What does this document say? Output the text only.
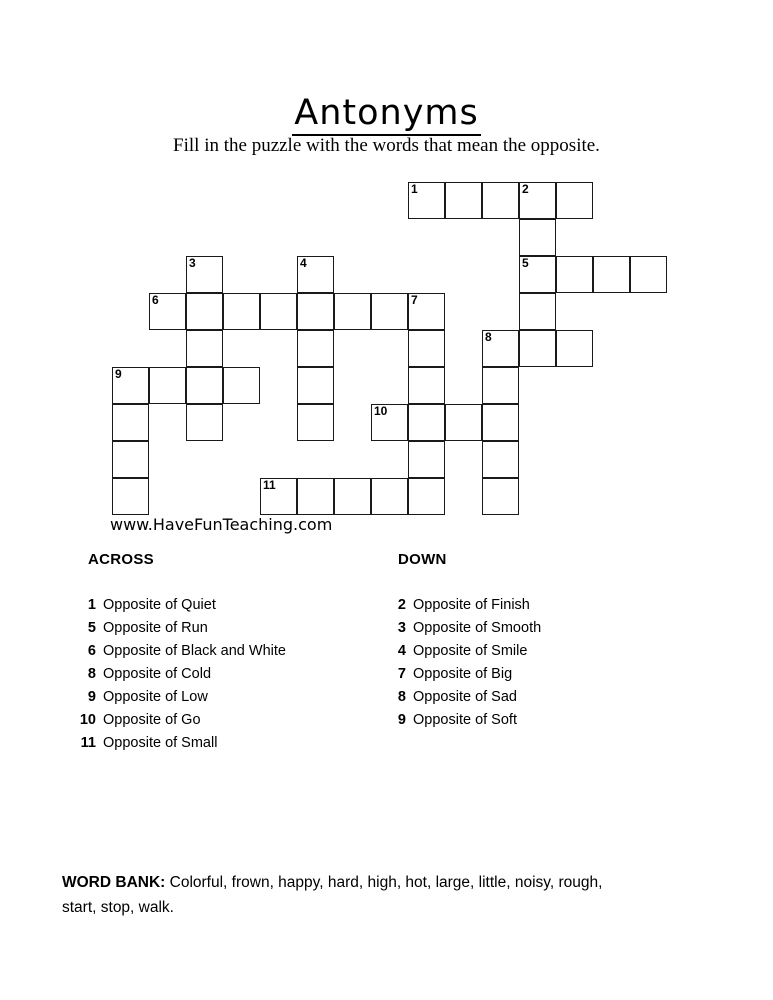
Antonyms
Fill in the puzzle with the words that mean the opposite.
1	2
5
3	4
6	7
8
9
10
11
www.HaveFunTeaching.com
ACROSS	DOWN
1 Opposite of Quiet
5 Opposite of Run
6 Opposite of Black and White
8 Opposite of Cold
9 Opposite of Low
10 Opposite of Go
11 Opposite of Small
2 Opposite of Finish
3 Opposite of Smooth
4 Opposite of Smile
7 Opposite of Big
8 Opposite of Sad
9 Opposite of Soft
WORD BANK: Colorful, frown, happy, hard, high, hot, large, little, noisy, rough, start, stop, walk.
